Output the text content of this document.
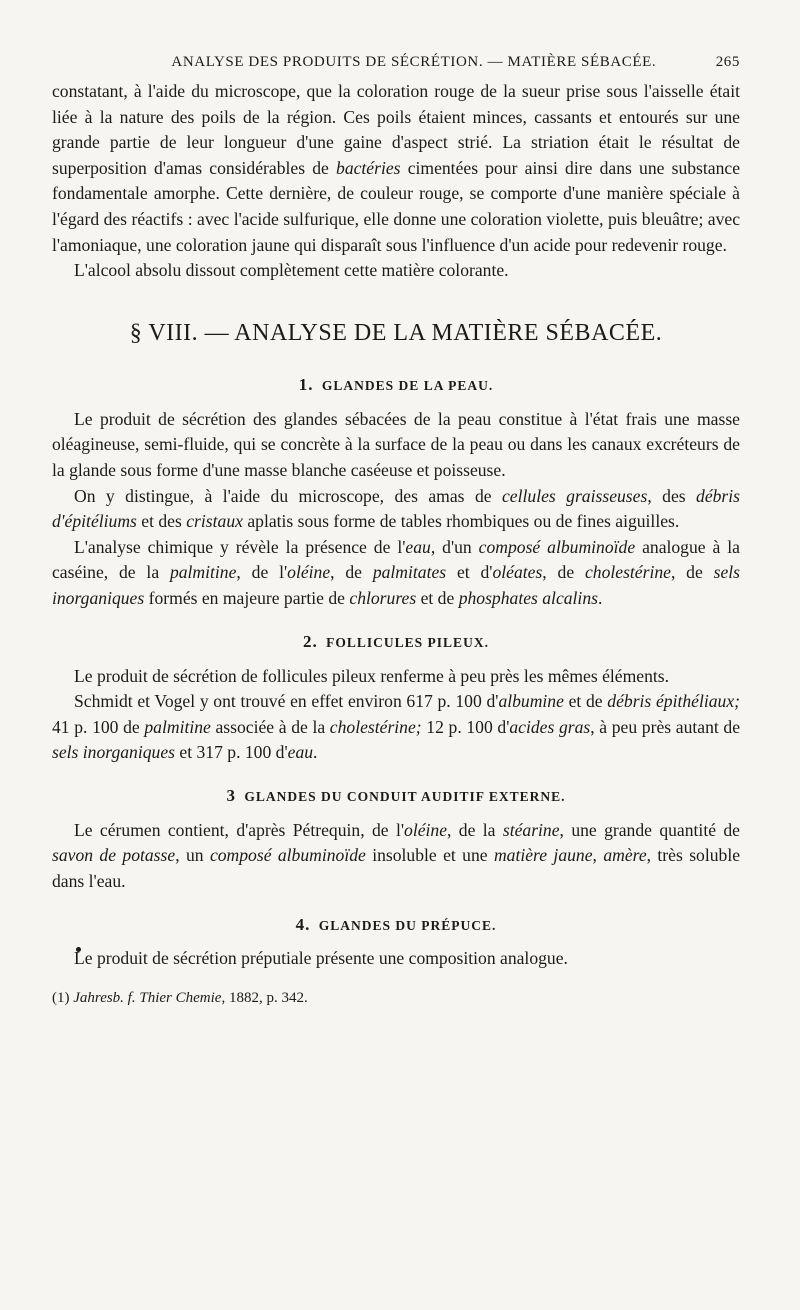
ANALYSE DES PRODUITS DE SÉCRÉTION. — MATIÈRE SÉBACÉE.	265

constatant, à l'aide du microscope, que la coloration rouge de la sueur prise sous l'aisselle était liée à la nature des poils de la région. Ces poils étaient minces, cassants et entourés sur une grande partie de leur longueur d'une gaine d'aspect strié. La striation était le résultat de superposition d'amas considérables de bactéries cimentées pour ainsi dire dans une substance fondamentale amorphe. Cette dernière, de couleur rouge, se comporte d'une manière spéciale à l'égard des réactifs : avec l'acide sulfurique, elle donne une coloration violette, puis bleuâtre; avec l'amoniaque, une coloration jaune qui disparaît sous l'influence d'un acide pour redevenir rouge.

L'alcool absolu dissout complètement cette matière colorante.

§ VIII. — ANALYSE DE LA MATIÈRE SÉBACÉE.
1. GLANDES DE LA PEAU.

Le produit de sécrétion des glandes sébacées de la peau constitue à l'état frais une masse oléagineuse, semi-fluide, qui se concrète à la surface de la peau ou dans les canaux excréteurs de la glande sous forme d'une masse blanche caséeuse et poisseuse.

On y distingue, à l'aide du microscope, des amas de cellules graisseuses, des débris d'épitéliums et des cristaux aplatis sous forme de tables rhombiques ou de fines aiguilles.

L'analyse chimique y révèle la présence de l'eau, d'un composé albuminoïde analogue à la caséine, de la palmitine, de l'oléine, de palmitates et d'oléates, de cholestérine, de sels inorganiques formés en majeure partie de chlorures et de phosphates alcalins.

2. FOLLICULES PILEUX.

Le produit de sécrétion de follicules pileux renferme à peu près les mêmes éléments.

Schmidt et Vogel y ont trouvé en effet environ 617 p. 100 d'albumine et de débris épithéliaux; 41 p. 100 de palmitine associée à de la cholestérine; 12 p. 100 d'acides gras, à peu près autant de sels inorganiques et 317 p. 100 d'eau.

3 GLANDES DU CONDUIT AUDITIF EXTERNE.

Le cérumen contient, d'après Pétrequin, de l'oléine, de la stéarine, une grande quantité de savon de potasse, un composé albuminoïde insoluble et une matière jaune, amère, très soluble dans l'eau.

4. GLANDES DU PRÉPUCE.

Le produit de sécrétion préputiale présente une composition analogue.

(1) Jahresb. f. Thier Chemie, 1882, p. 342.
